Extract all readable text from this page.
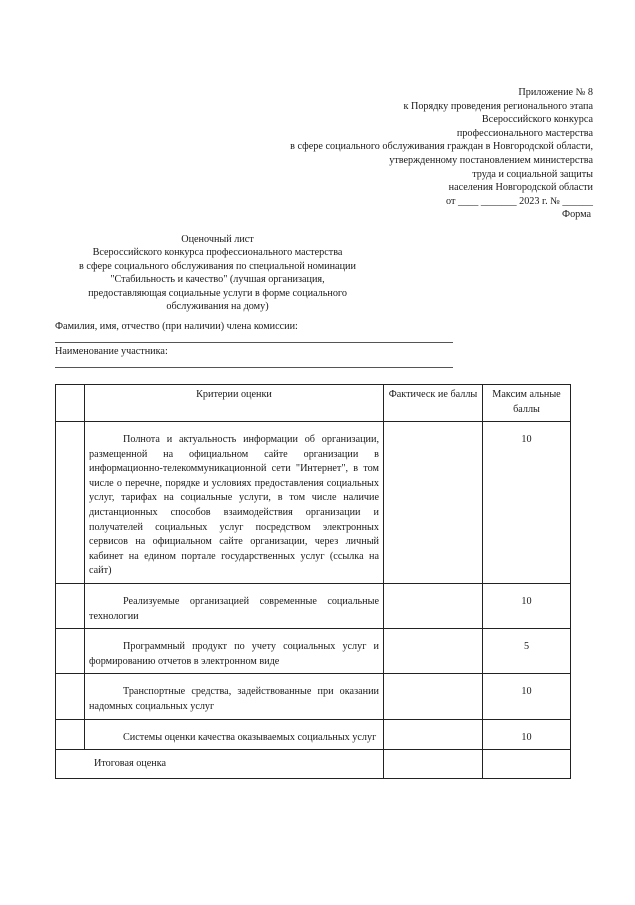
Приложение № 8
к Порядку проведения регионального этапа
Всероссийского конкурса
профессионального мастерства
в сфере социального обслуживания граждан в Новгородской области,
утвержденному постановлением министерства
труда и социальной защиты
населения Новгородской области
от ____ _______ 2023 г. № ______
Форма
Оценочный лист
Всероссийского конкурса профессионального мастерства
в сфере социального обслуживания по специальной номинации
"Стабильность и качество" (лучшая организация,
предоставляющая социальные услуги в форме социального
обслуживания на дому)
Фамилия, имя, отчество (при наличии) члена комиссии:
Наименование участника:
	Критерии оценки	Фактическ ие баллы	Максим альные баллы
	Полнота и актуальность информации об организации, размещенной на официальном сайте организации в информационно-телекоммуникационной сети "Интернет", в том числе о перечне, порядке и условиях предоставления социальных услуг, тарифах на социальные услуги, в том числе наличие дистанционных способов взаимодействия организации и получателей социальных услуг посредством электронных сервисов на официальном сайте организации, через личный кабинет на едином портале государственных услуг (ссылка на сайт)		10
	Реализуемые организацией современные социальные технологии		10
	Программный продукт по учету социальных услуг и формированию отчетов в электронном виде		5
	Транспортные средства, задействованные при оказании надомных социальных услуг		10
	Системы оценки качества оказываемых социальных услуг		10
Итоговая оценка			
